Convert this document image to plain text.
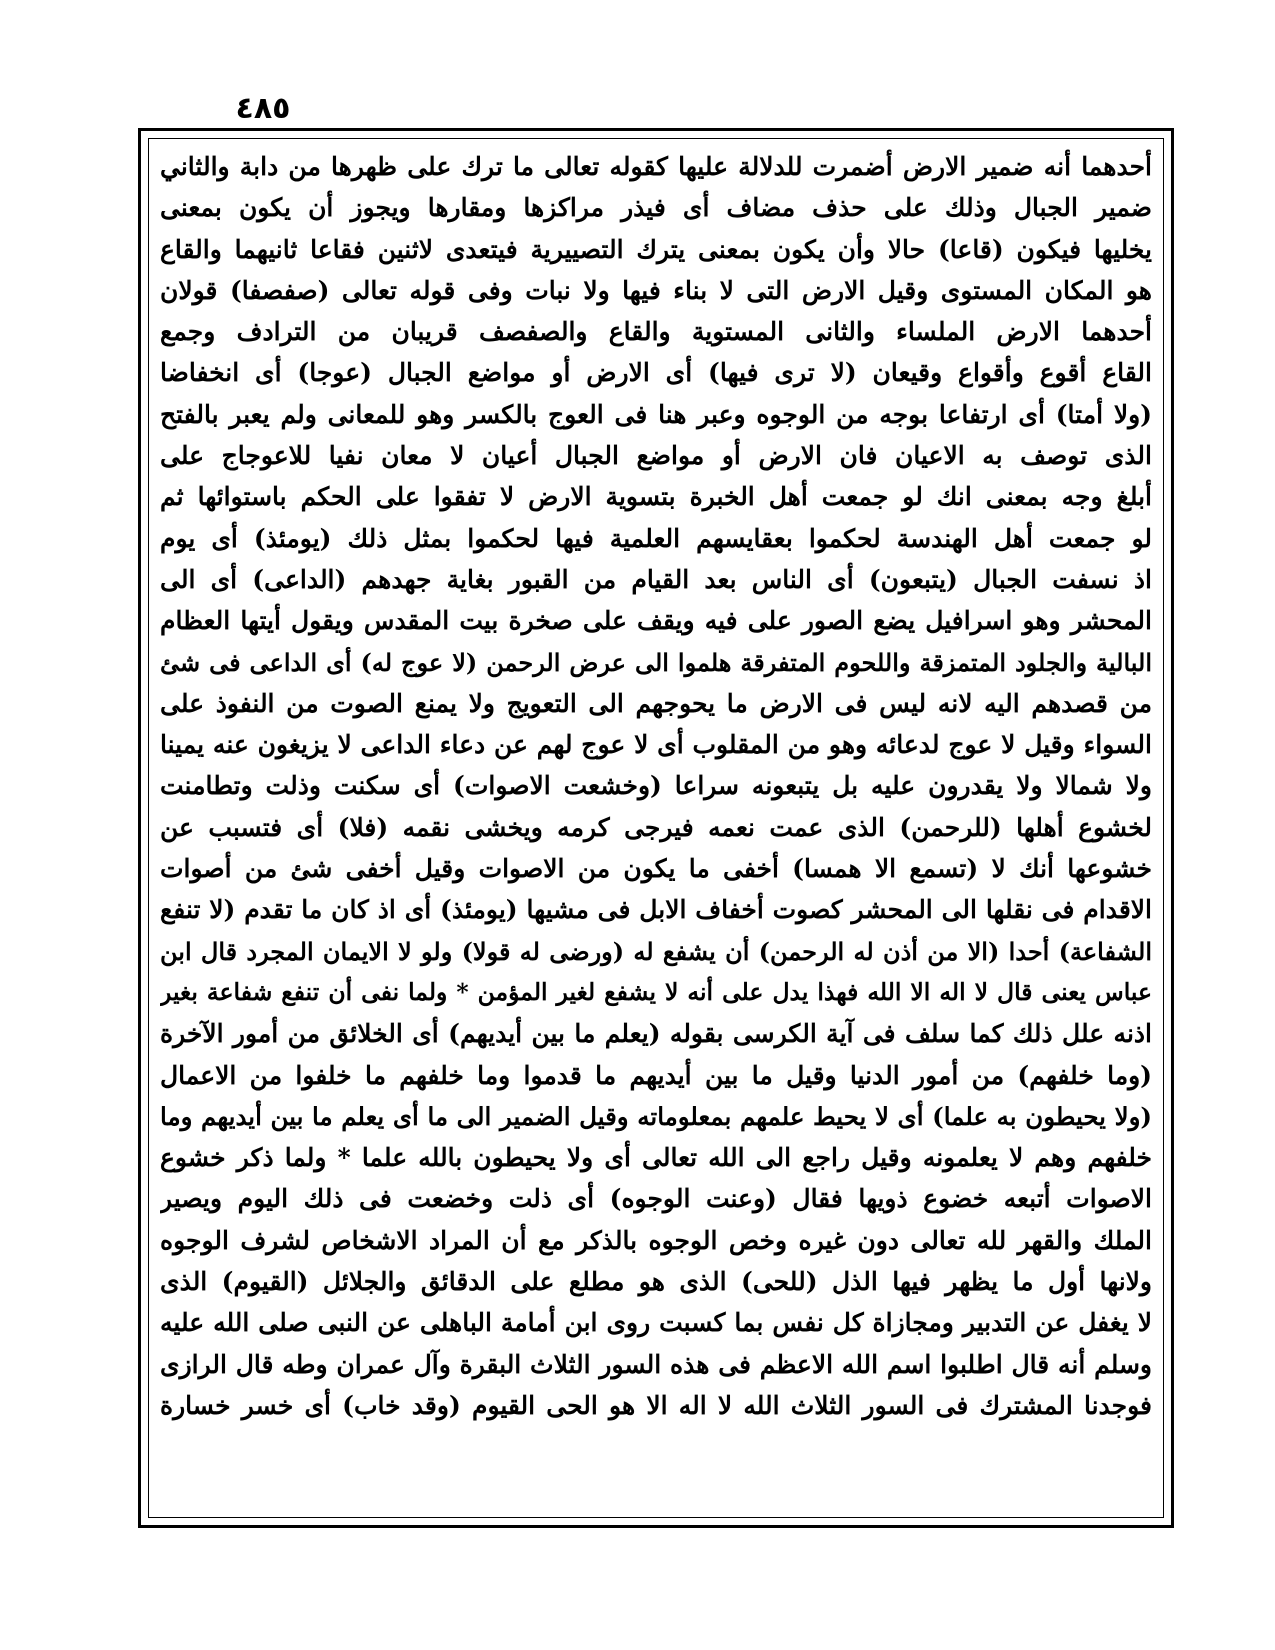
٤٨٥
أحدهما أنه ضمير الارض أضمرت للدلالة عليها كقوله تعالى ما ترك على ظهرها من دابة والثاني
ضمير الجبال وذلك على حذف مضاف أى فيذر مراكزها ومقارها ويجوز أن يكون بمعنى
يخليها فيكون (قاعا) حالا وأن يكون بمعنى يترك التصييرية فيتعدى لاثنين فقاعا ثانيهما والقاع
هو المكان المستوى وقيل الارض التى لا بناء فيها ولا نبات وفى قوله تعالى (صفصفا) قولان
أحدهما الارض الملساء والثانى المستوية والقاع والصفصف قريبان من الترادف وجمع
القاع أقوع وأقواع وقيعان (لا ترى فيها) أى الارض أو مواضع الجبال (عوجا) أى انخفاضا
(ولا أمتا) أى ارتفاعا بوجه من الوجوه وعبر هنا فى العوج بالكسر وهو للمعانى ولم يعبر بالفتح
الذى توصف به الاعيان فان الارض أو مواضع الجبال أعيان لا معان نفيا للاعوجاج على
أبلغ وجه بمعنى انك لو جمعت أهل الخبرة بتسوية الارض لا تفقوا على الحكم باستوائها ثم
لو جمعت أهل الهندسة لحكموا بعقايسهم العلمية فيها لحكموا بمثل ذلك (يومئذ) أى يوم
اذ نسفت الجبال (يتبعون) أى الناس بعد القيام من القبور بغاية جهدهم (الداعى) أى الى
المحشر وهو اسرافيل يضع الصور على فيه ويقف على صخرة بيت المقدس ويقول أيتها العظام
البالية والجلود المتمزقة واللحوم المتفرقة هلموا الى عرض الرحمن (لا عوج له) أى الداعى فى شئ
من قصدهم اليه لانه ليس فى الارض ما يحوجهم الى التعويج ولا يمنع الصوت من النفوذ على
السواء وقيل لا عوج لدعائه وهو من المقلوب أى لا عوج لهم عن دعاء الداعى لا يزيغون عنه يمينا
ولا شمالا ولا يقدرون عليه بل يتبعونه سراعا (وخشعت الاصوات) أى سكنت وذلت وتطامنت
لخشوع أهلها (للرحمن) الذى عمت نعمه فيرجى كرمه ويخشى نقمه (فلا) أى فتسبب عن
خشوعها أنك لا (تسمع الا همسا) أخفى ما يكون من الاصوات وقيل أخفى شئ من أصوات
الاقدام فى نقلها الى المحشر كصوت أخفاف الابل فى مشيها (يومئذ) أى اذ كان ما تقدم (لا تنفع
الشفاعة) أحدا (الا من أذن له الرحمن) أن يشفع له (ورضى له قولا) ولو لا الايمان المجرد قال ابن
عباس يعنى قال لا اله الا الله فهذا يدل على أنه لا يشفع لغير المؤمن * ولما نفى أن تنفع شفاعة بغير
اذنه علل ذلك كما سلف فى آية الكرسى بقوله (يعلم ما بين أيديهم) أى الخلائق من أمور الآخرة
(وما خلفهم) من أمور الدنيا وقيل ما بين أيديهم ما قدموا وما خلفهم ما خلفوا من الاعمال
(ولا يحيطون به علما) أى لا يحيط علمهم بمعلوماته وقيل الضمير الى ما أى يعلم ما بين أيديهم وما
خلفهم وهم لا يعلمونه وقيل راجع الى الله تعالى أى ولا يحيطون بالله علما * ولما ذكر خشوع
الاصوات أتبعه خضوع ذويها فقال (وعنت الوجوه) أى ذلت وخضعت فى ذلك اليوم ويصير
الملك والقهر لله تعالى دون غيره وخص الوجوه بالذكر مع أن المراد الاشخاص لشرف الوجوه
ولانها أول ما يظهر فيها الذل (للحى) الذى هو مطلع على الدقائق والجلائل (القيوم) الذى
لا يغفل عن التدبير ومجازاة كل نفس بما كسبت روى ابن أمامة الباهلى عن النبى صلى الله عليه
وسلم أنه قال اطلبوا اسم الله الاعظم فى هذه السور الثلاث البقرة وآل عمران وطه قال الرازى
فوجدنا المشترك فى السور الثلاث الله لا اله الا هو الحى القيوم (وقد خاب) أى خسر خسارة
